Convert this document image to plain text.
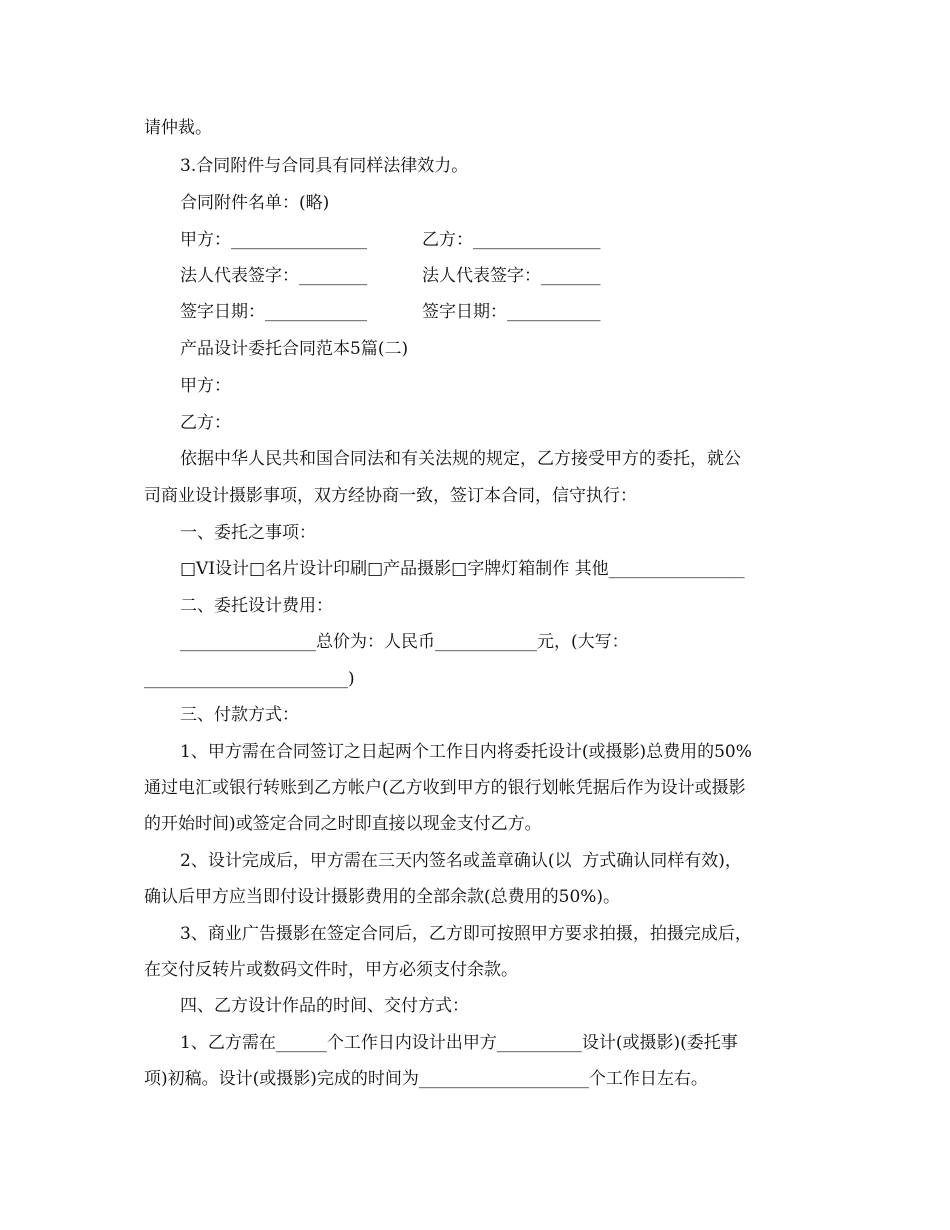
请仲裁。
3.合同附件与合同具有同样法律效力。
合同附件名单：(略)
甲方：________________	乙方：_______________
法人代表签字：________	法人代表签字：_______
签字日期：____________	签字日期：___________
产品设计委托合同范本5篇(二)
甲方：
乙方：
依据中华人民共和国合同法和有关法规的规定，乙方接受甲方的委托，就公
司商业设计摄影事项，双方经协商一致，签订本合同，信守执行：
一、委托之事项：
□VI设计□名片设计印刷□产品摄影□字牌灯箱制作 其他________________
二、委托设计费用：
________________总价为：人民币____________元，(大写：
________________________)
三、付款方式：
1、甲方需在合同签订之日起两个工作日内将委托设计(或摄影)总费用的50%
通过电汇或银行转账到乙方帐户(乙方收到甲方的银行划帐凭据后作为设计或摄影
的开始时间)或签定合同之时即直接以现金支付乙方。
2、设计完成后，甲方需在三天内签名或盖章确认(以  方式确认同样有效)，
确认后甲方应当即付设计摄影费用的全部余款(总费用的50%)。
3、商业广告摄影在签定合同后，乙方即可按照甲方要求拍摄，拍摄完成后，
在交付反转片或数码文件时，甲方必须支付余款。
四、乙方设计作品的时间、交付方式：
1、乙方需在______个工作日内设计出甲方__________设计(或摄影)(委托事
项)初稿。设计(或摄影)完成的时间为____________________个工作日左右。
